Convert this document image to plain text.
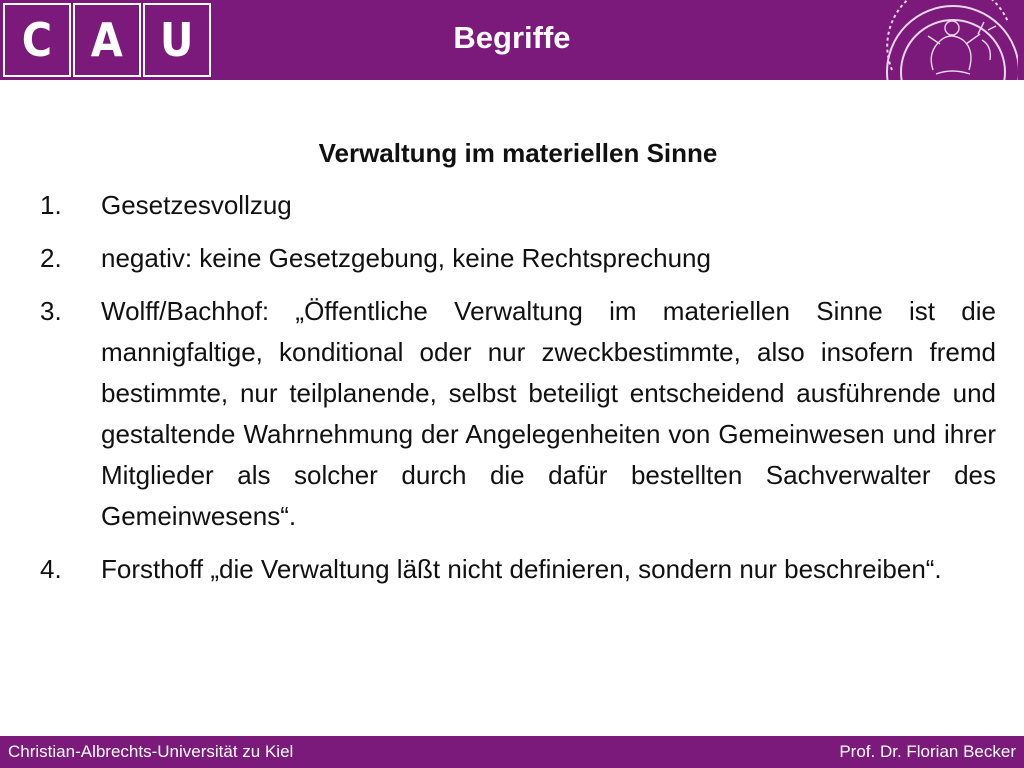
C A U	Begriffe
Verwaltung im materiellen Sinne
1. Gesetzesvollzug
2. negativ: keine Gesetzgebung, keine Rechtsprechung
3. Wolff/Bachhof: „Öffentliche Verwaltung im materiellen Sinne ist die mannigfaltige, konditional oder nur zweckbestimmte, also insofern fremd bestimmte, nur teilplanende, selbst beteiligt entscheidend ausführende und gestaltende Wahrnehmung der Angelegenheiten von Gemeinwesen und ihrer Mitglieder als solcher durch die dafür bestellten Sachverwalter des Gemeinwesens“.
4. Forsthoff „die Verwaltung läßt nicht definieren, sondern nur beschreiben“.
Christian-Albrechts-Universität zu Kiel	Prof. Dr. Florian Becker
